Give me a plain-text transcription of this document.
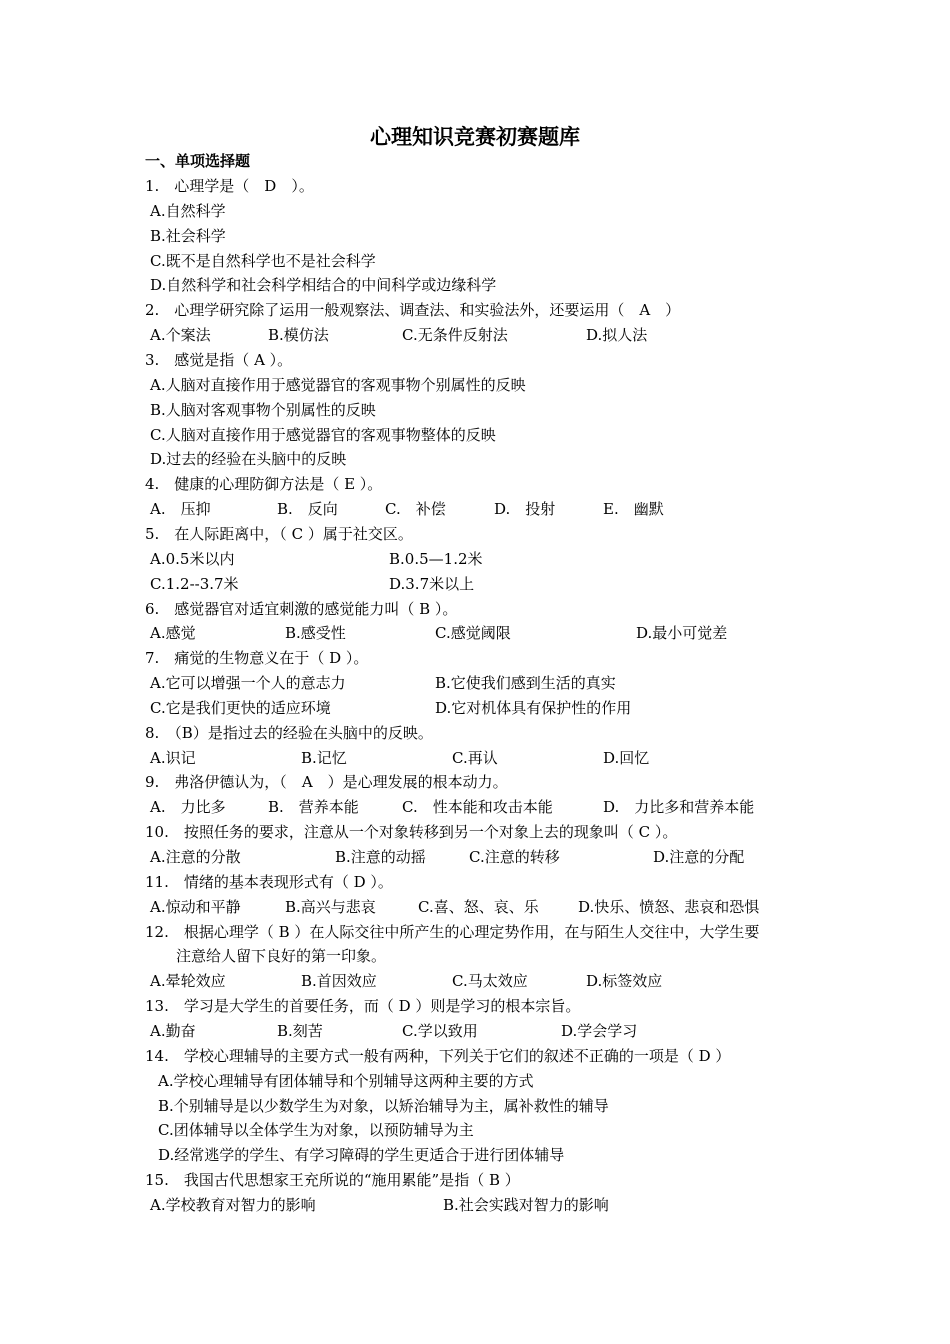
心理知识竞赛初赛题库
一、单项选择题
1.　心理学是（　D　）。
A.自然科学
B.社会科学
C.既不是自然科学也不是社会科学
D.自然科学和社会科学相结合的中间科学或边缘科学
2.　心理学研究除了运用一般观察法、调查法、和实验法外，还要运用（　A　）
A.个案法	B.模仿法	C.无条件反射法	D.拟人法
3.　感觉是指（ A ）。
A.人脑对直接作用于感觉器官的客观事物个别属性的反映
B.人脑对客观事物个别属性的反映
C.人脑对直接作用于感觉器官的客观事物整体的反映
D.过去的经验在头脑中的反映
4.　健康的心理防御方法是（ E ）。
A.　压抑	B.　反向	C.　补偿	D.　投射	E.　幽默
5.　在人际距离中，（ C ）属于社交区。
A.0.5米以内	B.0.5—1.2米
C.1.2--3.7米	D.3.7米以上
6.　感觉器官对适宜刺激的感觉能力叫（ B ）。
A.感觉	B.感受性	C.感觉阈限	D.最小可觉差
7.　痛觉的生物意义在于（ D ）。
A.它可以增强一个人的意志力	B.它使我们感到生活的真实
C.它是我们更快的适应环境	D.它对机体具有保护性的作用
8.　（B）是指过去的经验在头脑中的反映。
A.识记	B.记忆	C.再认	D.回忆
9.　弗洛伊德认为，（　A　）是心理发展的根本动力。
A.　力比多	B.　营养本能	C.　性本能和攻击本能	D.　力比多和营养本能
10.　按照任务的要求，注意从一个对象转移到另一个对象上去的现象叫（ C ）。
A.注意的分散	B.注意的动摇	C.注意的转移	D.注意的分配
11.　情绪的基本表现形式有（ D ）。
A.惊动和平静	B.高兴与悲哀	C.喜、怒、哀、乐	D.快乐、愤怒、悲哀和恐惧
12.　根据心理学（ B ）在人际交往中所产生的心理定势作用，在与陌生人交往中，大学生要
注意给人留下良好的第一印象。
A.晕轮效应	B.首因效应	C.马太效应	D.标签效应
13.　学习是大学生的首要任务，而（ D ）则是学习的根本宗旨。
A.勤奋	B.刻苦	C.学以致用	D.学会学习
14.　学校心理辅导的主要方式一般有两种，下列关于它们的叙述不正确的一项是（ D ）
A.学校心理辅导有团体辅导和个别辅导这两种主要的方式
B.个别辅导是以少数学生为对象，以矫治辅导为主，属补救性的辅导
C.团体辅导以全体学生为对象，以预防辅导为主
D.经常逃学的学生、有学习障碍的学生更适合于进行团体辅导
15.　我国古代思想家王充所说的“施用累能”是指（ B ）
A.学校教育对智力的影响	B.社会实践对智力的影响
